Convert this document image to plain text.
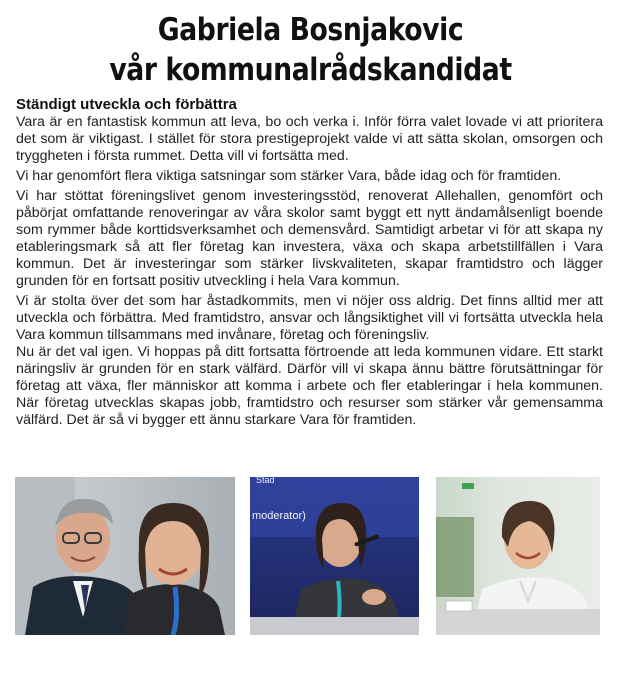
Gabriela Bosnjakovic
vår kommunalrådskandidat
Ständigt utveckla och förbättra

Vara är en fantastisk kommun att leva, bo och verka i. Inför förra valet lovade vi att prioritera det som är viktigast. I stället för stora prestigeprojekt valde vi att sätta skolan, omsorgen och tryggheten i första rummet. Detta vill vi fortsätta med.

Vi har genomfört flera viktiga satsningar som stärker Vara, både idag och för framtiden.

Vi har stöttat föreningslivet genom investeringsstöd, renoverat Allehallen, genomfört och påbörjat omfattande renoveringar av våra skolor samt byggt ett nytt ändamålsenligt boende som rymmer både korttidsverksamhet och demensvård. Samtidigt arbetar vi för att skapa ny etableringsmark så att fler företag kan investera, växa och skapa arbetstillfällen i Vara kommun. Det är investeringar som stärker livskvaliteten, skapar framtidstro och lägger grunden för en fortsatt positiv utveckling i hela Vara kommun.

Vi är stolta över det som har åstadkommits, men vi nöjer oss aldrig. Det finns alltid mer att utveckla och förbättra. Med framtidstro, ansvar och långsiktighet vill vi fortsätta utveckla hela Vara kommun tillsammans med invånare, företag och föreningsliv.

Nu är det val igen. Vi hoppas på ditt fortsatta förtroende att leda kommunen vidare. Ett starkt näringsliv är grunden för en stark välfärd. Därför vill vi skapa ännu bättre förutsättningar för företag att växa, fler människor att komma i arbete och fler etableringar i hela kommunen. När företag utvecklas skapas jobb, framtidstro och resurser som stärker vår gemensamma välfärd. Det är så vi bygger ett ännu starkare Vara för framtiden.

Stad
moderator)
